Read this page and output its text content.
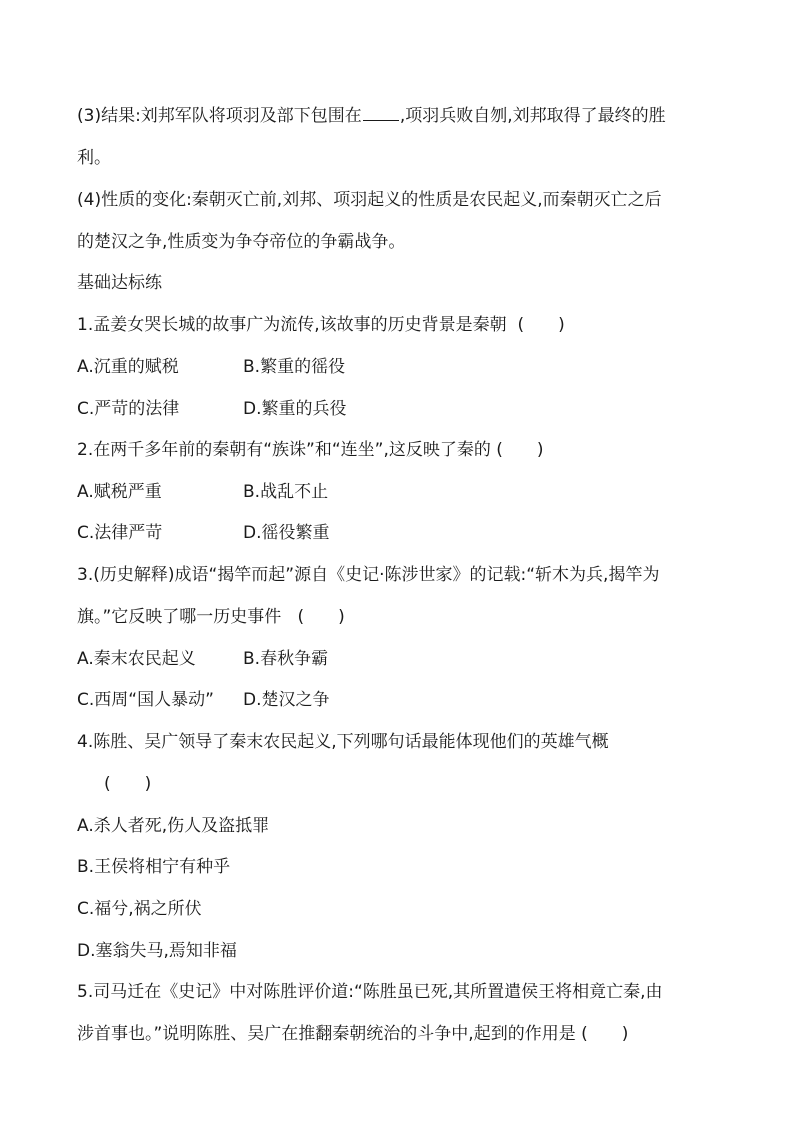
(3)结果:刘邦军队将项羽及部下包围在 ,项羽兵败自刎,刘邦取得了最终的胜
利。
(4)性质的变化:秦朝灭亡前,刘邦、项羽起义的性质是农民起义,而秦朝灭亡之后
的楚汉之争,性质变为争夺帝位的争霸战争。
基础达标练
1.孟姜女哭长城的故事广为流传,该故事的历史背景是秦朝 (　　)
A.沉重的赋税	B.繁重的徭役
C.严苛的法律	D.繁重的兵役
2.在两千多年前的秦朝有“族诛”和“连坐”,这反映了秦的 (　　)
A.赋税严重	B.战乱不止
C.法律严苛	D.徭役繁重
3.(历史解释)成语“揭竿而起”源自《史记·陈涉世家》的记载:“斩木为兵,揭竿为
旗。”它反映了哪一历史事件 (　　)
A.秦末农民起义	B.春秋争霸
C.西周“国人暴动” D.楚汉之争
4.陈胜、吴广领导了秦末农民起义,下列哪句话最能体现他们的英雄气概
(　　)
A.杀人者死,伤人及盗抵罪
B.王侯将相宁有种乎
C.福兮,祸之所伏
D.塞翁失马,焉知非福
5.司马迁在《史记》中对陈胜评价道:“陈胜虽已死,其所置遣侯王将相竟亡秦,由
涉首事也。”说明陈胜、吴广在推翻秦朝统治的斗争中,起到的作用是 (　　)
